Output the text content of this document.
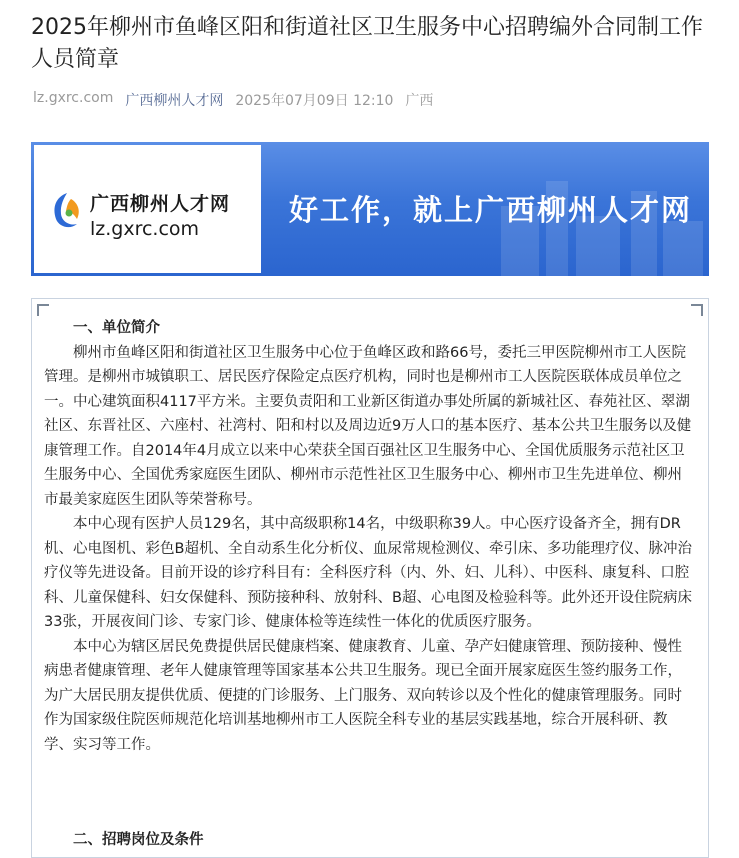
2025年柳州市鱼峰区阳和街道社区卫生服务中心招聘编外合同制工作人员简章
lz.gxrc.com 广西柳州人才网 2025年07月09日 12:10 广西
广西柳州人才网
lz.gxrc.com
好工作，就上广西柳州人才网
一、单位简介

柳州市鱼峰区阳和街道社区卫生服务中心位于鱼峰区政和路66号，委托三甲医院柳州市工人医院管理。是柳州市城镇职工、居民医疗保险定点医疗机构，同时也是柳州市工人医院医联体成员单位之一。中心建筑面积4117平方米。主要负责阳和工业新区街道办事处所属的新城社区、春苑社区、翠湖社区、东晋社区、六座村、社湾村、阳和村以及周边近9万人口的基本医疗、基本公共卫生服务以及健康管理工作。自2014年4月成立以来中心荣获全国百强社区卫生服务中心、全国优质服务示范社区卫生服务中心、全国优秀家庭医生团队、柳州市示范性社区卫生服务中心、柳州市卫生先进单位、柳州市最美家庭医生团队等荣誉称号。

本中心现有医护人员129名，其中高级职称14名，中级职称39人。中心医疗设备齐全，拥有DR机、心电图机、彩色B超机、全自动系生化分析仪、血尿常规检测仪、牵引床、多功能理疗仪、脉冲治疗仪等先进设备。目前开设的诊疗科目有：全科医疗科（内、外、妇、儿科）、中医科、康复科、口腔科、儿童保健科、妇女保健科、预防接种科、放射科、B超、心电图及检验科等。此外还开设住院病床33张，开展夜间门诊、专家门诊、健康体检等连续性一体化的优质医疗服务。

本中心为辖区居民免费提供居民健康档案、健康教育、儿童、孕产妇健康管理、预防接种、慢性病患者健康管理、老年人健康管理等国家基本公共卫生服务。现已全面开展家庭医生签约服务工作，为广大居民朋友提供优质、便捷的门诊服务、上门服务、双向转诊以及个性化的健康管理服务。同时作为国家级住院医师规范化培训基地柳州市工人医院全科专业的基层实践基地，综合开展科研、教学、实习等工作。

二、招聘岗位及条件
